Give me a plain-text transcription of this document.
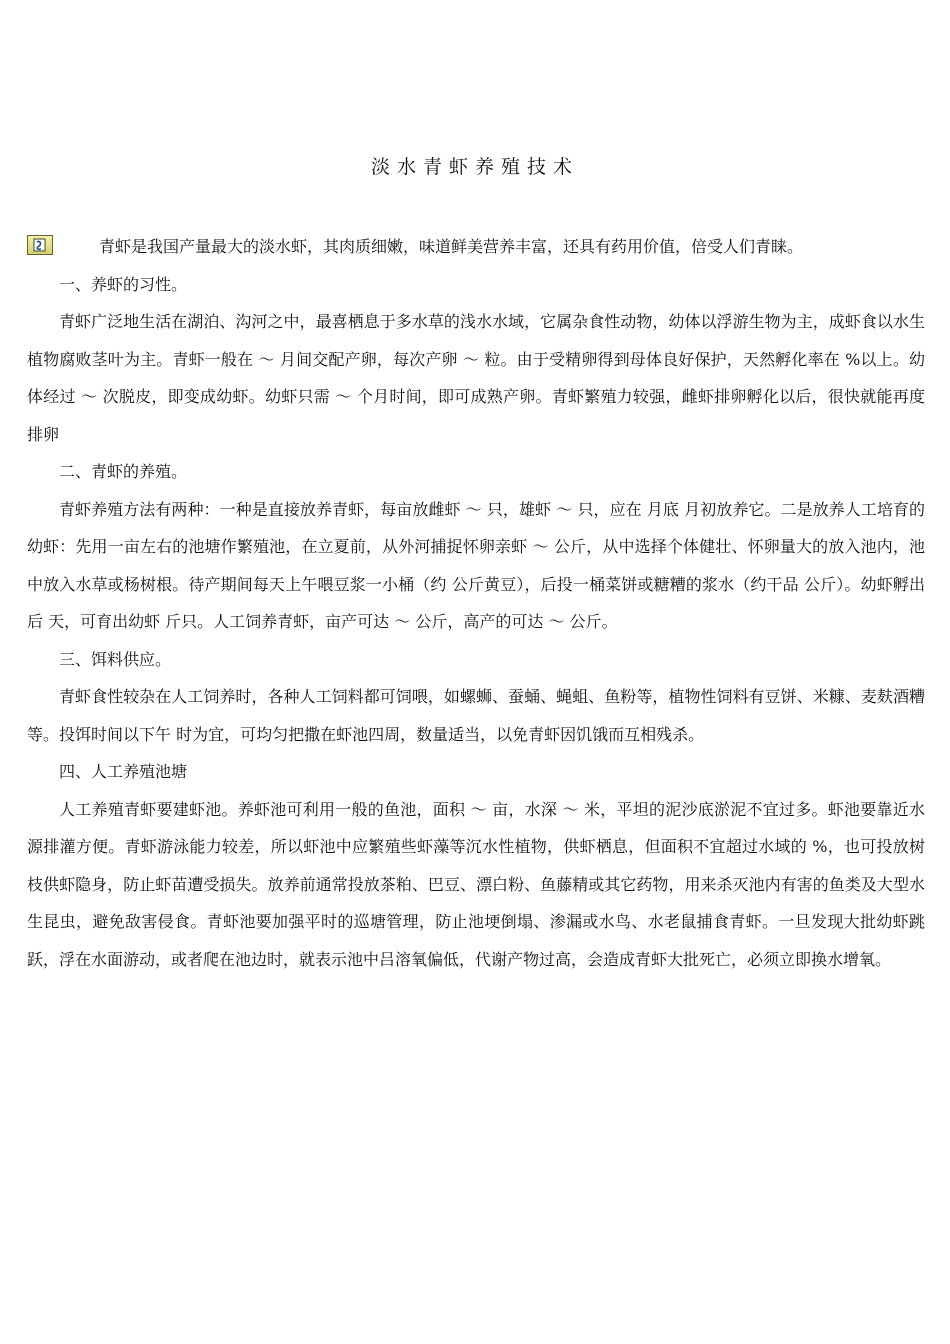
淡水青虾养殖技术

青虾是我国产量最大的淡水虾，其肉质细嫩，味道鲜美营养丰富，还具有药用价值，倍受人们青睐。

一、养虾的习性。

青虾广泛地生活在湖泊、沟河之中，最喜栖息于多水草的浅水水域，它属杂食性动物，幼体以浮游生物为主，成虾食以水生植物腐败茎叶为主。青虾一般在 ～ 月间交配产卵，每次产卵 ～ 粒。由于受精卵得到母体良好保护，天然孵化率在 %以上。幼体经过 ～ 次脱皮，即变成幼虾。幼虾只需 ～ 个月时间，即可成熟产卵。青虾繁殖力较强，雌虾排卵孵化以后，很快就能再度排卵

二、青虾的养殖。

青虾养殖方法有两种：一种是直接放养青虾，每亩放雌虾 ～ 只，雄虾 ～ 只，应在 月底 月初放养它。二是放养人工培育的幼虾：先用一亩左右的池塘作繁殖池，在立夏前，从外河捕捉怀卵亲虾 ～ 公斤，从中选择个体健壮、怀卵量大的放入池内，池中放入水草或杨树根。待产期间每天上午喂豆浆一小桶（约 公斤黄豆），后投一桶菜饼或糖糟的浆水（约干品 公斤）。幼虾孵出后 天，可育出幼虾 斤只。人工饲养青虾，亩产可达 ～ 公斤，高产的可达 ～ 公斤。

三、饵料供应。

青虾食性较杂在人工饲养时，各种人工饲料都可饲喂，如螺蛳、蚕蛹、蝇蛆、鱼粉等，植物性饲料有豆饼、米糠、麦麸酒糟等。投饵时间以下午 时为宜，可均匀把撒在虾池四周，数量适当，以免青虾因饥饿而互相残杀。

四、人工养殖池塘

人工养殖青虾要建虾池。养虾池可利用一般的鱼池，面积 ～ 亩，水深 ～ 米，平坦的泥沙底淤泥不宜过多。虾池要靠近水源排灌方便。青虾游泳能力较差，所以虾池中应繁殖些虾藻等沉水性植物，供虾栖息，但面积不宜超过水域的 %，也可投放树枝供虾隐身，防止虾苗遭受损失。放养前通常投放茶粕、巴豆、漂白粉、鱼藤精或其它药物，用来杀灭池内有害的鱼类及大型水生昆虫，避免敌害侵食。青虾池要加强平时的巡塘管理，防止池埂倒塌、渗漏或水鸟、水老鼠捕食青虾。一旦发现大批幼虾跳跃，浮在水面游动，或者爬在池边时，就表示池中吕溶氧偏低，代谢产物过高，会造成青虾大批死亡，必须立即换水增氧。
